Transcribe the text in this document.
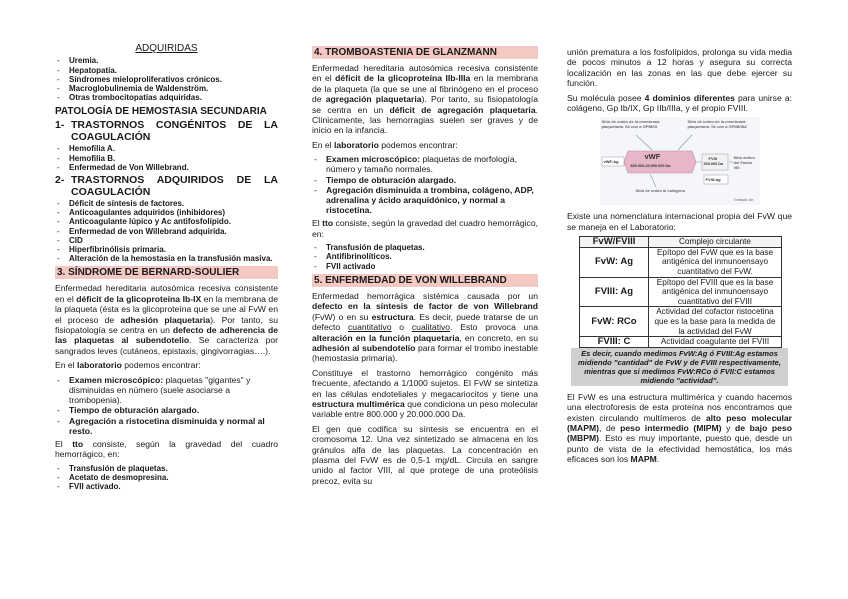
ADQUIRIDAS
- Uremia.
- Hepatopatía.
- Síndromes mieloproliferativos crónicos.
- Macroglobulinemia de Waldenström.
- Otras trombocitopatías adquiridas.
PATOLOGÍA DE HEMOSTASIA SECUNDARIA
1- TRASTORNOS CONGÉNITOS DE LA
COAGULACIÓN
- Hemofilia A.
- Hemofilia B.
- Enfermedad de Von Willebrand.
2- TRASTORNOS ADQUIRIDOS DE LA
COAGULACIÓN
- Déficit de síntesis de factores.
- Anticoagulantes adquiridos (inhibidores)
- Anticoagulante lúpico y Ac antifosfolípido.
- Enfermedad de von Willebrand adquirida.
- CID
- Hiperfibrinólisis primaria.
- Alteración de la hemostasia en la transfusión masiva.
3. SÍNDROME DE BERNARD-SOULIER

Enfermedad hereditaria autosómica recesiva consistente en el déficit de la glicoproteína Ib-IX en la membrana de la plaqueta (ésta es la glicoproteína que se une al FvW en el proceso de adhesión plaquetaria). Por tanto, su fisiopatología se centra en un defecto de adherencia de las plaquetas al subendotelio. Se caracteriza por sangrados leves (cutáneos, epistaxis, gingivorragias….).

En el laboratorio podemos encontrar:

- Examen microscópico: plaquetas "gigantes" y disminuidas en número (suele asociarse a trombopenia).
- Tiempo de obturación alargado.
- Agregación a ristocetina disminuida y normal al resto.

El tto consiste, según la gravedad del cuadro hemorrágico, en:

- Transfusión de plaquetas.
- Acetato de desmopresina.
- FVII activado.
4. TROMBOASTENIA DE GLANZMANN

Enfermedad hereditaria autosómica recesiva consistente en el déficit de la glicoproteína IIb-IIIa en la membrana de la plaqueta (la que se une al fibrinógeno en el proceso de agregación plaquetaria). Por tanto, su fisiopatología se centra en un déficit de agregación plaquetaria. Clínicamente, las hemorragias suelen ser graves y de inicio en la infancia.

En el laboratorio podemos encontrar:

- Examen microscópico: plaquetas de morfología, número y tamaño normales.
- Tiempo de obturación alargado.
- Agregación disminuida a trombina, colágeno, ADP, adrenalina y ácido araquidónico, y normal a ristocetina.

El tto consiste, según la gravedad del cuadro hemorrágico, en:

- Transfusión de plaquetas.
- Antifibrinolíticos.
- FVII activado
5. ENFERMEDAD DE VON WILLEBRAND

Enfermedad hemorrágica sistémica causada por un defecto en la síntesis de factor de von Willebrand (FvW) o en su estructura. Es decir, puede tratarse de un defecto cuantitativo o cualitativo. Esto provoca una alteración en la función plaquetaria, en concreto, en su adhesión al subendotelio para formar el trombo inestable (hemostasia primaria).

Constituye el trastorno hemorrágico congénito más frecuente, afectando a 1/1000 sujetos. El FvW se sintetiza en las células endoteliales y megacariocitos y tiene una estructura multimérica que condiciona un peso molecular variable entre 800.000 y 20.000.000 Da.

El gen que codifica su síntesis se encuentra en el cromosoma 12. Una vez sintetizado se almacena en los gránulos alfa de las plaquetas. La concentración en plasma del FvW es de 0,5-1 mg/dL. Circula en sangre unido al factor VIII, al que protege de una proteólisis precoz, evita su

unión prematura a los fosfolípidos, prolonga su vida media de pocos minutos a 12 horas y asegura su correcta localización en las zonas en las que debe ejercer su función.

Su molécula posee 4 dominios diferentes para unirse a: colágeno, Gp Ib/IX, Gp IIb/IIIa, y el propio FVIII.

Sitio de unión de la membrana plaquetaria. Se une a GPIB/IX
Sitio de unión de la membrana plaquetaria. Se une a GPIIB/IIIA
vWF
800.000-20.000.000 Da
vWF:Ag
FVIII
260.000 Da
Sitio activo del Factor VIII
FVIII:Ag
Sitio de unión al colágeno
Tomado de

Existe una nomenclatura internacional propia del FvW que se maneja en el Laboratorio:

FvW/FVIII	Complejo circulante
FvW: Ag	Epítopo del FvW que es la base antigénica del inmunoensayo cuantitativo del FvW.
FVIII: Ag	Epítopo del FVIII que es la base antigénica del inmunoensayo cuantitativo del FVIII
FvW: RCo	Actividad del cofactor ristocetina que es la base para la medida de la actividad del FvW
FVIII: C	Actividad coagulante del FVIII
Es decir, cuando medimos FvW:Ag ó FVIII:Ag estamos midiendo "cantidad" de FvW y de FVIII respectivamente, mientras que si medimos FvW:RCo ó FVII:C estamos midiendo "actividad".

El FvW es una estructura multimérica y cuando hacemos una electroforesis de esta proteína nos encontramos que existen circulando multímeros de alto peso molecular (MAPM), de peso intermedio (MIPM) y de bajo peso (MBPM). Esto es muy importante, puesto que, desde un punto de vista de la efectividad hemostática, los más eficaces son los MAPM.
